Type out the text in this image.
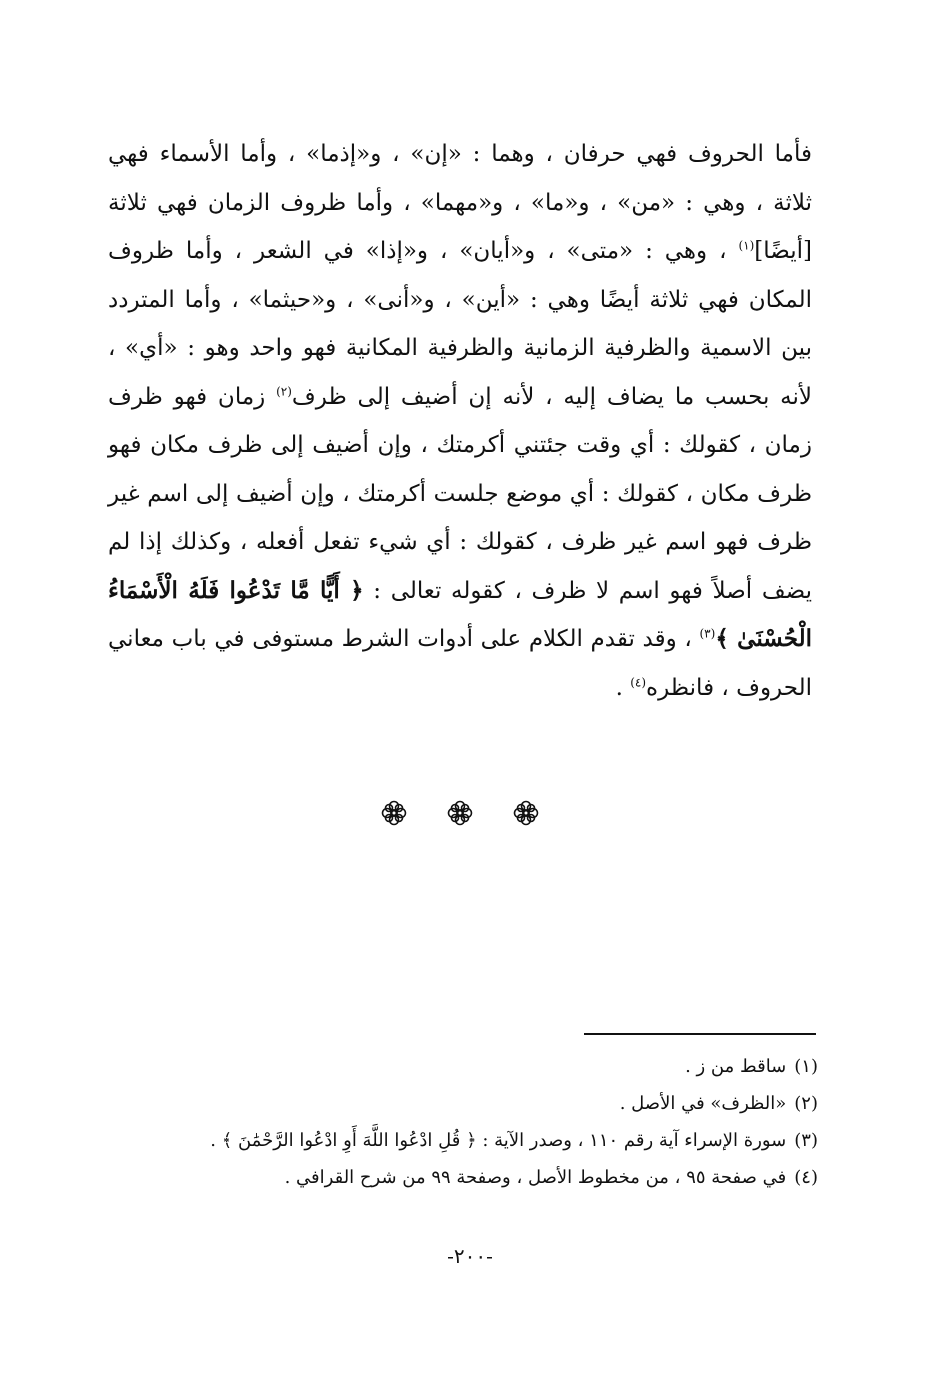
فأما الحروف فهي حرفان ، وهما : «إن» ، و«إذما» ، وأما الأسماء فهي ثلاثة ، وهي : «من» ، و«ما» ، و«مهما» ، وأما ظروف الزمان فهي ثلاثة [أيضًا]$^{(١)}$ ، وهي : «متى» ، و«أيان» ، و«إذا» في الشعر ، وأما ظروف المكان فهي ثلاثة أيضًا وهي : «أين» ، و«أنى» ، و«حيثما» ، وأما المتردد بين الاسمية والظرفية الزمانية والظرفية المكانية فهو واحد وهو : «أي» ، لأنه بحسب ما يضاف إليه ، لأنه إن أضيف إلى ظرف$^{(٢)}$ زمان فهو ظرف زمان ، كقولك : أي وقت جئتني أكرمتك ، وإن أضيف إلى ظرف مكان فهو ظرف مكان ، كقولك : أي موضع جلست أكرمتك ، وإن أضيف إلى اسم غير ظرف فهو اسم غير ظرف ، كقولك : أي شيء تفعل أفعله ، وكذلك إذا لم يضف أصلاً فهو اسم لا ظرف ، كقوله تعالى : ﴿ أَيًّا مَّا تَدْعُوا فَلَهُ الْأَسْمَاءُ الْحُسْنَىٰ ﴾$^{(٣)}$ ، وقد تقدم الكلام على أدوات الشرط مستوفى في باب معاني الحروف ، فانظره$^{(٤)}$ .

(١)ساقط من ز .

(٢)«الظرف» في الأصل .

(٣)سورة الإسراء آية رقم ١١٠ ، وصدر الآية : ﴿ قُلِ ادْعُوا اللَّهَ أَوِ ادْعُوا الرَّحْمَٰنَ ﴾ .

(٤)في صفحة ٩٥ ، من مخطوط الأصل ، وصفحة ٩٩ من شرح القرافي .

-٢٠٠-
